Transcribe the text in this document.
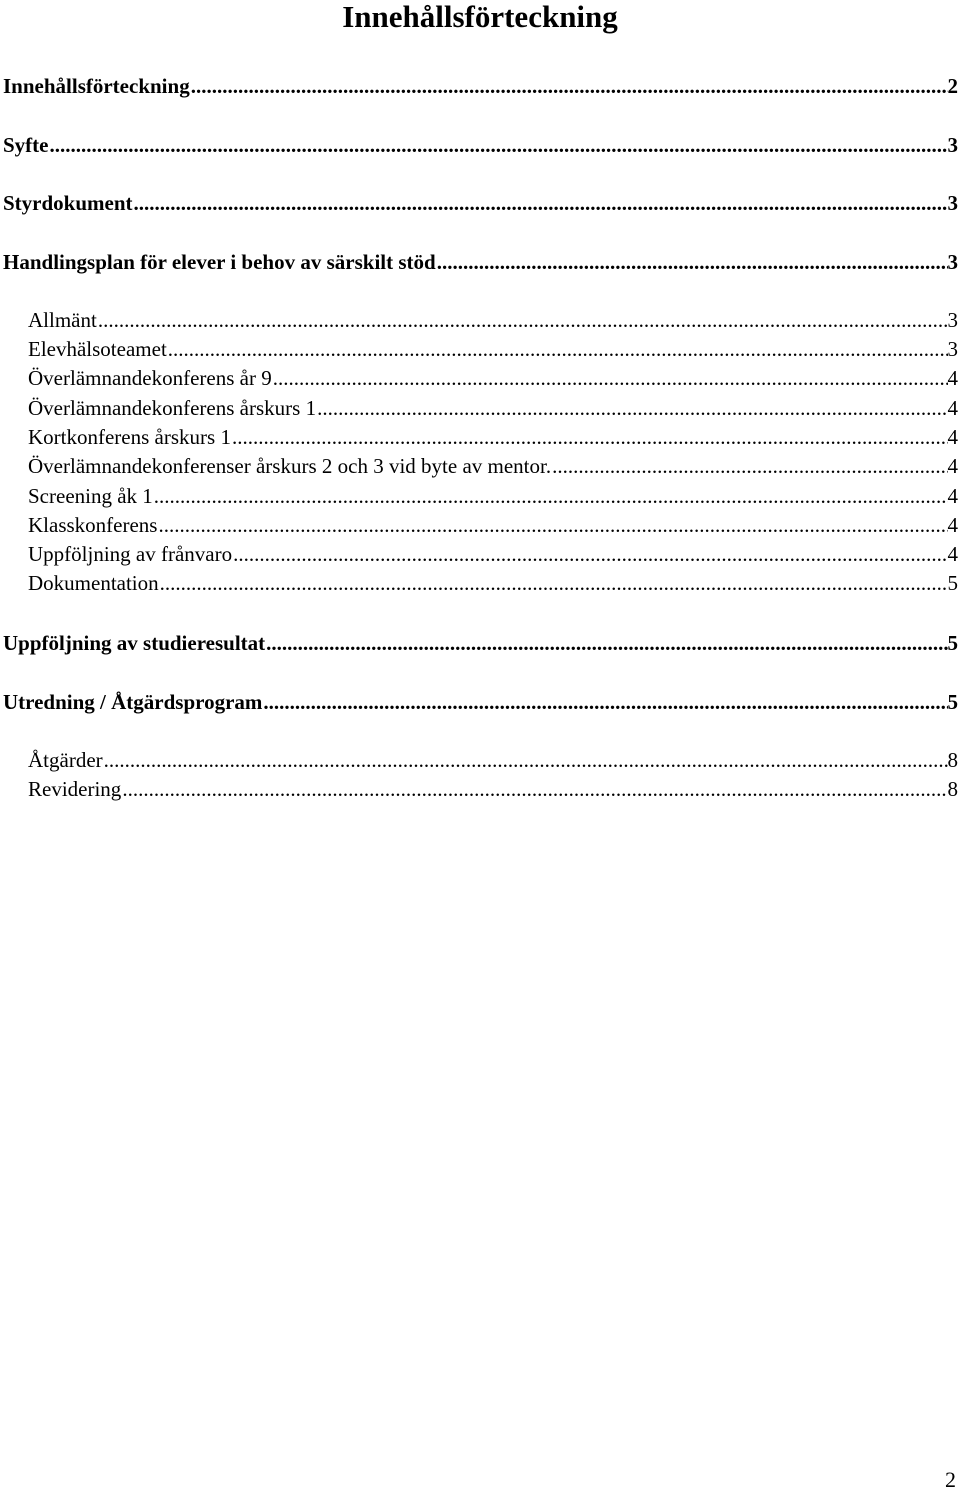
Innehållsförteckning
Innehållsförteckning .....	2
Syfte .....	3
Styrdokument .....	3
Handlingsplan för elever i behov av särskilt stöd .....	3
Allmänt .....	3
Elevhälsoteamet .....	3
Överlämnandekonferens år 9 .....	4
Överlämnandekonferens årskurs 1 .....	4
Kortkonferens årskurs 1 .....	4
Överlämnandekonferenser årskurs 2 och 3 vid byte av mentor. .....	4
Screening åk 1 .....	4
Klasskonferens .....	4
Uppföljning av frånvaro .....	4
Dokumentation .....	5
Uppföljning av studieresultat .....	5
Utredning / Åtgärdsprogram .....	5
Åtgärder .....	8
Revidering .....	8
2
